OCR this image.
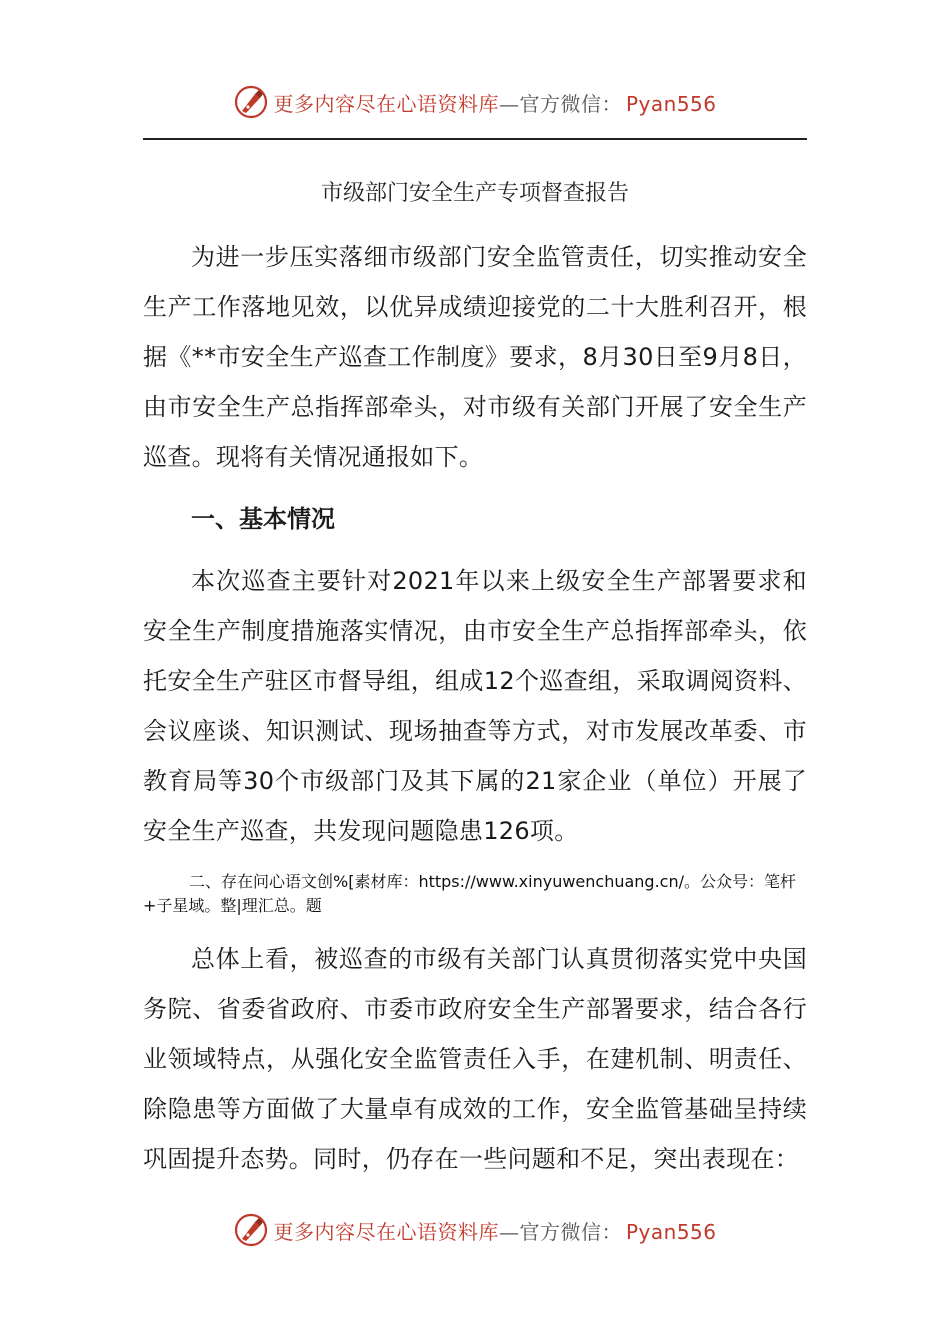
更多内容尽在心语资料库—官方微信： Pyan556
市级部门安全生产专项督查报告

为进一步压实落细市级部门安全监管责任，切实推动安全生产工作落地见效，以优异成绩迎接党的二十大胜利召开，根据《**市安全生产巡查工作制度》要求，8月30日至9月8日，由市安全生产总指挥部牵头，对市级有关部门开展了安全生产巡查。现将有关情况通报如下。

一、基本情况

本次巡查主要针对2021年以来上级安全生产部署要求和安全生产制度措施落实情况，由市安全生产总指挥部牵头，依托安全生产驻区市督导组，组成12个巡查组，采取调阅资料、会议座谈、知识测试、现场抽查等方式，对市发展改革委、市教育局等30个市级部门及其下属的21家企业（单位）开展了安全生产巡查，共发现问题隐患126项。

二、存在问心语文创%[素材库：https://www.xinyuwenchuang.cn/。公众号：笔杆+子星域。整|理汇总。题

总体上看，被巡查的市级有关部门认真贯彻落实党中央国务院、省委省政府、市委市政府安全生产部署要求，结合各行业领域特点，从强化安全监管责任入手，在建机制、明责任、除隐患等方面做了大量卓有成效的工作，安全监管基础呈持续巩固提升态势。同时，仍存在一些问题和不足，突出表现在：

更多内容尽在心语资料库—官方微信： Pyan556
